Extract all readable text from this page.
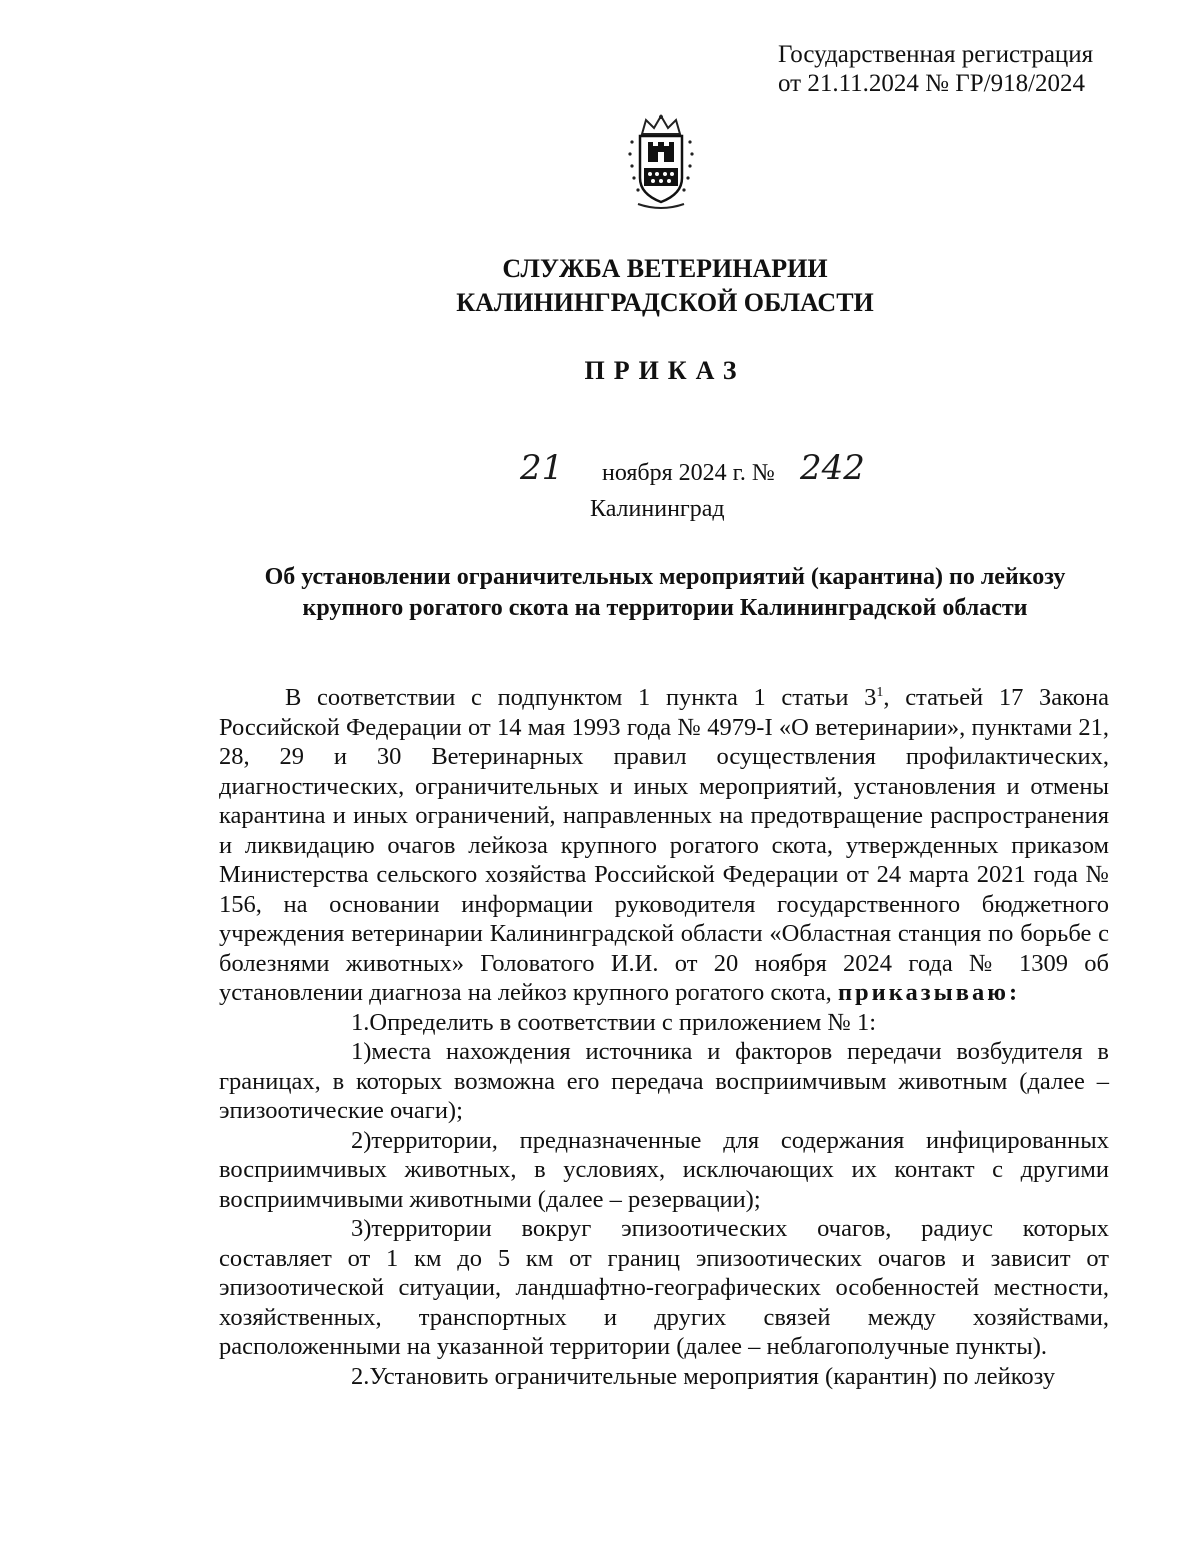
Государственная регистрация
от 21.11.2024 № ГР/918/2024
СЛУЖБА ВЕТЕРИНАРИИ
КАЛИНИНГРАДСКОЙ ОБЛАСТИ
ПРИКАЗ
21 ноября 2024 г. № 242
Калининград
Об установлении ограничительных мероприятий (карантина) по лейкозу
крупного рогатого скота на территории Калининградской области

В соответствии с подпунктом 1 пункта 1 статьи $3^1$, статьей 17 Закона Российской Федерации от 14 мая 1993 года № 4979-I «О ветеринарии», пунктами 21, 28, 29 и 30 Ветеринарных правил осуществления профилактических, диагностических, ограничительных и иных мероприятий, установления и отмены карантина и иных ограничений, направленных на предотвращение распространения и ликвидацию очагов лейкоза крупного рогатого скота, утвержденных приказом Министерства сельского хозяйства Российской Федерации от 24 марта 2021 года № 156, на основании информации руководителя государственного бюджетного учреждения ветеринарии Калининградской области «Областная станция по борьбе с болезнями животных» Головатого И.И. от 20 ноября 2024 года № 1309 об установлении диагноза на лейкоз крупного рогатого скота, приказываю:

1.Определить в соответствии с приложением № 1:

1)места нахождения источника и факторов передачи возбудителя в границах, в которых возможна его передача восприимчивым животным (далее – эпизоотические очаги);

2)территории, предназначенные для содержания инфицированных восприимчивых животных, в условиях, исключающих их контакт с другими восприимчивыми животными (далее – резервации);

3)территории вокруг эпизоотических очагов, радиус которых составляет от 1 км до 5 км от границ эпизоотических очагов и зависит от эпизоотической ситуации, ландшафтно-географических особенностей местности, хозяйственных, транспортных и других связей между хозяйствами, расположенными на указанной территории (далее – неблагополучные пункты).

2.Установить ограничительные мероприятия (карантин) по лейкозу
